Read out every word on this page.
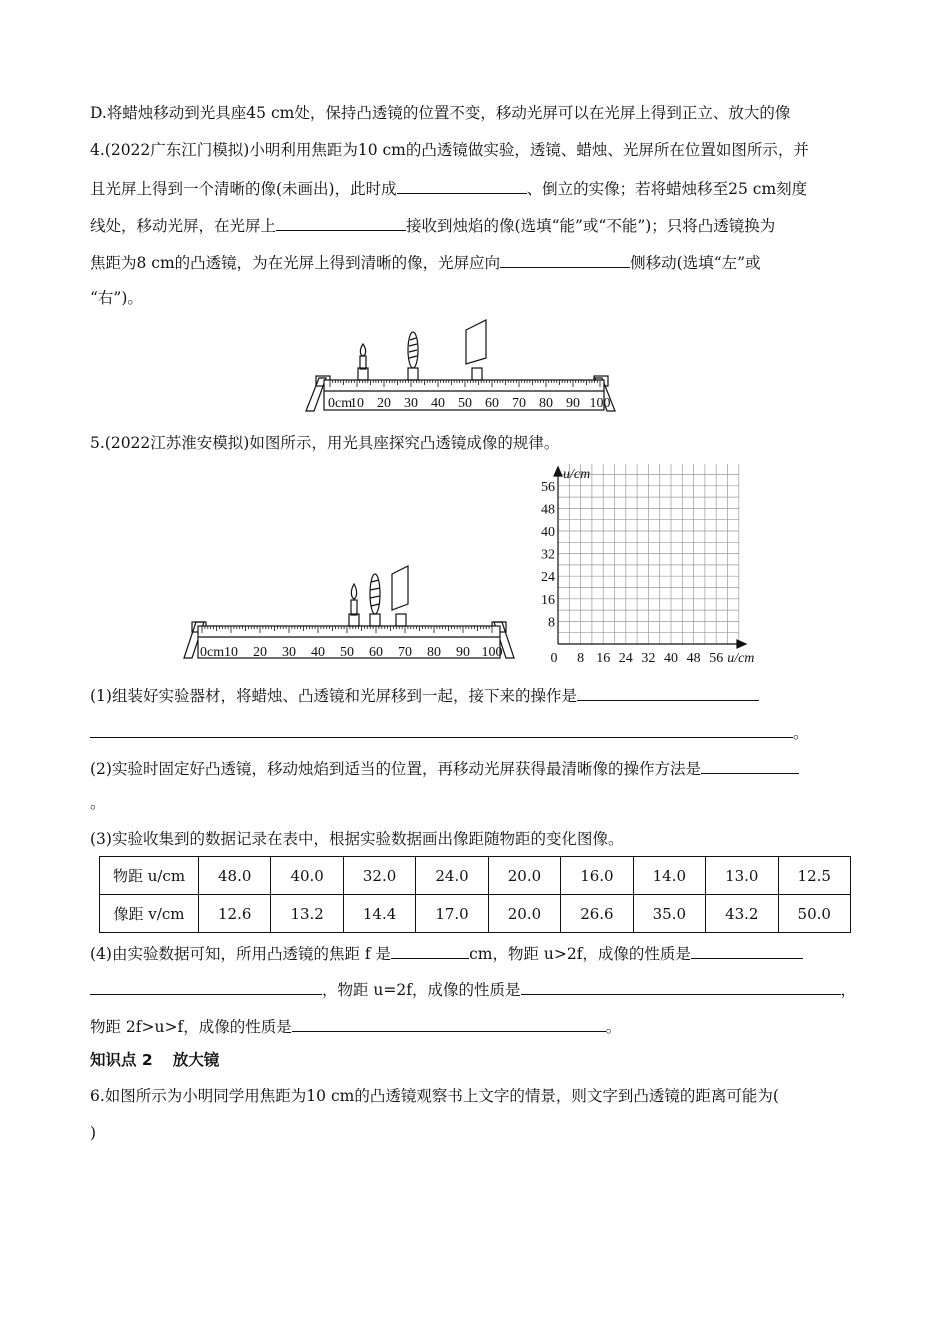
D.将蜡烛移动到光具座45 cm处，保持凸透镜的位置不变，移动光屏可以在光屏上得到正立、放大的像
4.(2022广东江门模拟)小明利用焦距为10 cm的凸透镜做实验，透镜、蜡烛、光屏所在位置如图所示，并
且光屏上得到一个清晰的像(未画出)，此时成	、倒立的实像；若将蜡烛移至25 cm刻度
线处，移动光屏，在光屏上	接收到烛焰的像(选填“能”或“不能”)；只将凸透镜换为
焦距为8 cm的凸透镜，为在光屏上得到清晰的像，光屏应向	侧移动(选填“左”或
“右”)。
0cm
10 20 30 40 50 60 70 80 90 100
5.(2022江苏淮安模拟)如图所示，用光具座探究凸透镜成像的规律。
0cm 10 20 30 40 50 60 70 80 90 100
u/cm
56
48
40
32
24
16
8
0 8 16 24 32 40 48 56 u/cm
(1)组装好实验器材，将蜡烛、凸透镜和光屏移到一起，接下来的操作是
。
(2)实验时固定好凸透镜，移动烛焰到适当的位置，再移动光屏获得最清晰像的操作方法是
。
(3)实验收集到的数据记录在表中，根据实验数据画出像距随物距的变化图像。
物距 u/cm	48.0	40.0	32.0	24.0	20.0	16.0	14.0	13.0	12.5
像距 v/cm	12.6	13.2	14.4	17.0	20.0	26.6	35.0	43.2	50.0
(4)由实验数据可知，所用凸透镜的焦距 f 是	cm，物距 u>2f，成像的性质是
，物距 u=2f，成像的性质是	，
物距 2f>u>f，成像的性质是	。
知识点 2 放大镜
6.如图所示为小明同学用焦距为10 cm的凸透镜观察书上文字的情景，则文字到凸透镜的距离可能为(
)
